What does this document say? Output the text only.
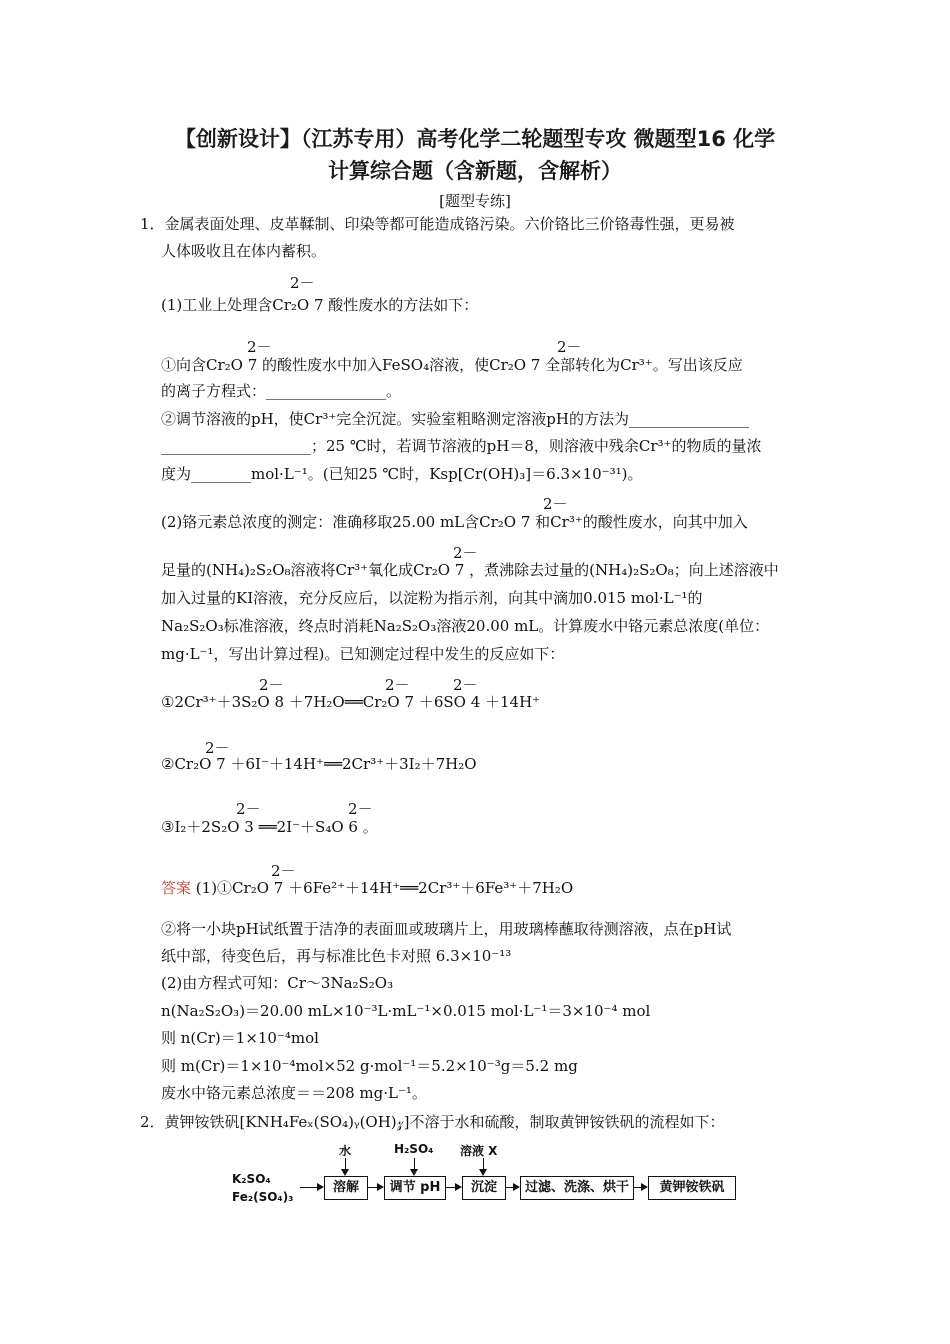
【创新设计】（江苏专用）高考化学二轮题型专攻 微题型16 化学
计算综合题（含新题，含解析）
[题型专练]
1．金属表面处理、皮革鞣制、印染等都可能造成铬污染。六价铬比三价铬毒性强，更易被
人体吸收且在体内蓄积。
2－
(1)工业上处理含Cr₂O 7 酸性废水的方法如下：
2－	2－
①向含Cr₂O 7 的酸性废水中加入FeSO₄溶液，使Cr₂O 7 全部转化为Cr³⁺。写出该反应
的离子方程式：________________。
②调节溶液的pH，使Cr³⁺完全沉淀。实验室粗略测定溶液pH的方法为________________
____________________；25 ℃时，若调节溶液的pH＝8，则溶液中残余Cr³⁺的物质的量浓
度为________mol·L⁻¹。(已知25 ℃时，Ksp[Cr(OH)₃]＝6.3×10⁻³¹)。
2－
(2)铬元素总浓度的测定：准确移取25.00 mL含Cr₂O 7 和Cr³⁺的酸性废水，向其中加入
2－
足量的(NH₄)₂S₂O₈溶液将Cr³⁺氧化成Cr₂O 7 ，煮沸除去过量的(NH₄)₂S₂O₈；向上述溶液中
加入过量的KI溶液，充分反应后，以淀粉为指示剂，向其中滴加0.015 mol·L⁻¹的
Na₂S₂O₃标准溶液，终点时消耗Na₂S₂O₃溶液20.00 mL。计算废水中铬元素总浓度(单位：
mg·L⁻¹，写出计算过程)。已知测定过程中发生的反应如下：
2－	2－	2－
①2Cr³⁺＋3S₂O 8 ＋7H₂O══Cr₂O 7 ＋6SO 4 ＋14H⁺
2－
②Cr₂O 7 ＋6I⁻＋14H⁺══2Cr³⁺＋3I₂＋7H₂O
2－	2－
③I₂＋2S₂O 3 ══2I⁻＋S₄O 6 。
2－
答案 (1)①Cr₂O 7 ＋6Fe²⁺＋14H⁺══2Cr³⁺＋6Fe³⁺＋7H₂O
②将一小块pH试纸置于洁净的表面皿或玻璃片上，用玻璃棒蘸取待测溶液，点在pH试
纸中部，待变色后，再与标准比色卡对照 6.3×10⁻¹³
(2)由方程式可知：Cr～3Na₂S₂O₃
n(Na₂S₂O₃)＝20.00 mL×10⁻³L·mL⁻¹×0.015 mol·L⁻¹＝3×10⁻⁴ mol
则 n(Cr)＝1×10⁻⁴mol
则 m(Cr)＝1×10⁻⁴mol×52 g·mol⁻¹＝5.2×10⁻³g＝5.2 mg
废水中铬元素总浓度＝＝208 mg·L⁻¹。
2．黄钾铵铁矾[KNH₄Feₓ(SO₄)ᵧ(OH)𝓏]不溶于水和硫酸，制取黄钾铵铁矾的流程如下：
K₂SO₄
Fe₂(SO₄)₃
溶解
水
调节 pH
H₂SO₄
沉淀
溶液 X
过滤、洗涤、烘干	黄钾铵铁矾
